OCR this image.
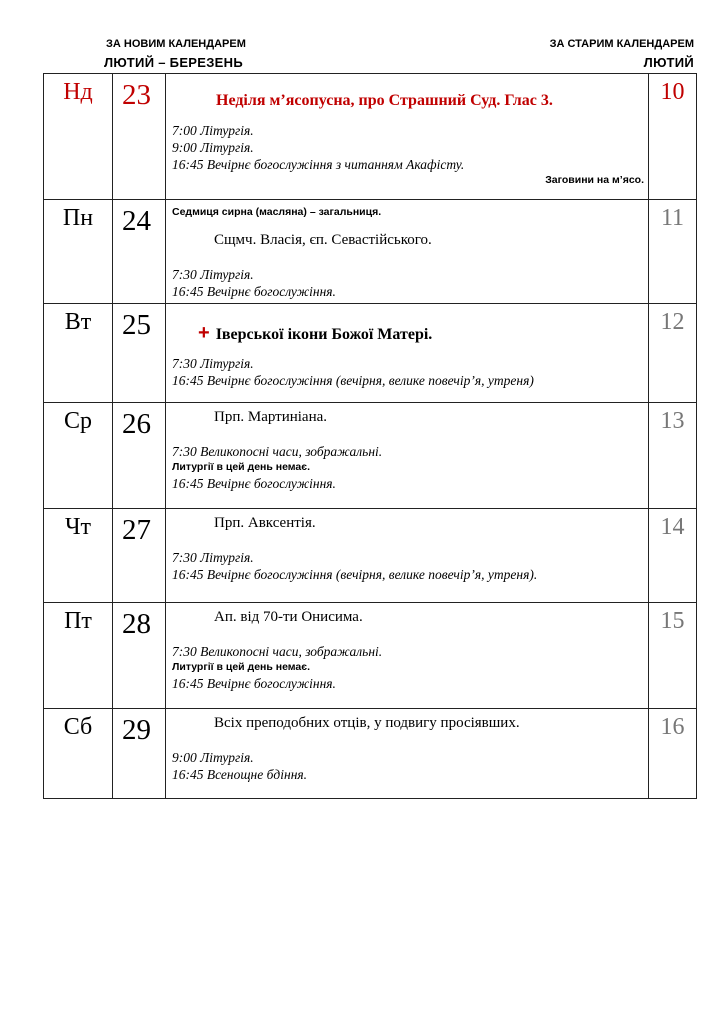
ЗА НОВИМ КАЛЕНДАРЕМ
ЛЮТИЙ – БЕРЕЗЕНЬ
ЗА СТАРИМ КАЛЕНДАРЕМ
ЛЮТИЙ
Нд	23	Неділя м’ясопусна, про Страшний Суд. Глас 3.
7:00 Літургія.
9:00 Літургія.
16:45 Вечірнє богослужіння з читанням Акафісту.
Заговини на м’ясо.	10
Пн	24	Седмиця сирна (масляна) – загальниця.
Сщмч. Власія, єп. Севастійського.
7:30 Літургія.
16:45 Вечірнє богослужіння.	11
Вт	25	+ Іверської ікони Божої Матері.
7:30 Літургія.
16:45 Вечірнє богослужіння (вечірня, велике повечір’я, утреня)	12
Ср	26	Прп. Мартиніана.
7:30 Великопосні часи, зображальні.
Литургії в цей день немає.
16:45 Вечірнє богослужіння.	13
Чт	27	Прп. Авксентія.
7:30 Літургія.
16:45 Вечірнє богослужіння (вечірня, велике повечір’я, утреня).	14
Пт	28	Ап. від 70-ти Онисима.
7:30 Великопосні часи, зображальні.
Литургії в цей день немає.
16:45 Вечірнє богослужіння.	15
Сб	29	Всіх преподобних отців, у подвигу просіявших.
9:00 Літургія.
16:45 Всенощне бдіння.	16
